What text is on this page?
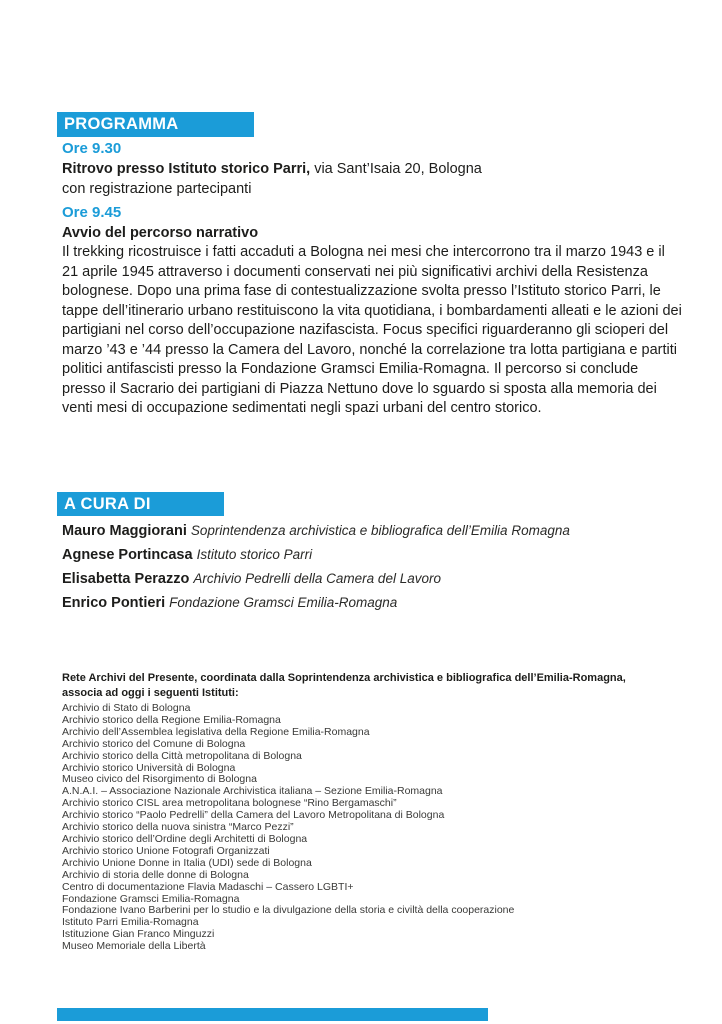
PROGRAMMA
Ore 9.30
Ritrovo presso Istituto storico Parri, via Sant’Isaia 20, Bologna
con registrazione partecipanti
Ore 9.45
Avvio del percorso narrativo

Il trekking ricostruisce i fatti accaduti a Bologna nei mesi che intercorrono tra il marzo 1943 e il 21 aprile 1945 attraverso i documenti conservati nei più significativi archivi della Resistenza bolognese. Dopo una prima fase di contestualizzazione svolta presso l’Istituto storico Parri, le tappe dell’itinerario urbano restituiscono la vita quotidiana, i bombardamenti alleati e le azioni dei partigiani nel corso dell’occupazione nazifascista. Focus specifici riguarderanno gli scioperi del marzo ’43 e ’44 presso la Camera del Lavoro, nonché la correlazione tra lotta partigiana e partiti politici antifascisti presso la Fondazione Gramsci Emilia-Romagna. Il percorso si conclude presso il Sacrario dei partigiani di Piazza Nettuno dove lo sguardo si sposta alla memoria dei venti mesi di occupazione sedimentati negli spazi urbani del centro storico.

A CURA DI
Mauro Maggiorani Soprintendenza archivistica e bibliografica dell’Emilia Romagna
Agnese Portincasa Istituto storico Parri
Elisabetta Perazzo Archivio Pedrelli della Camera del Lavoro
Enrico Pontieri Fondazione Gramsci Emilia-Romagna
Rete Archivi del Presente, coordinata dalla Soprintendenza archivistica e bibliografica dell’Emilia-Romagna,
associa ad oggi i seguenti Istituti:
Archivio di Stato di Bologna
Archivio storico della Regione Emilia-Romagna
Archivio dell’Assemblea legislativa della Regione Emilia-Romagna
Archivio storico del Comune di Bologna
Archivio storico della Città metropolitana di Bologna
Archivio storico Università di Bologna
Museo civico del Risorgimento di Bologna
A.N.A.I. – Associazione Nazionale Archivistica italiana – Sezione Emilia-Romagna
Archivio storico CISL area metropolitana bolognese “Rino Bergamaschi”
Archivio storico “Paolo Pedrelli” della Camera del Lavoro Metropolitana di Bologna
Archivio storico della nuova sinistra “Marco Pezzi”
Archivio storico dell’Ordine degli Architetti di Bologna
Archivio storico Unione Fotografi Organizzati
Archivio Unione Donne in Italia (UDI) sede di Bologna
Archivio di storia delle donne di Bologna
Centro di documentazione Flavia Madaschi – Cassero LGBTI+
Fondazione Gramsci Emilia-Romagna
Fondazione Ivano Barberini per lo studio e la divulgazione della storia e civiltà della cooperazione
Istituto Parri Emilia-Romagna
Istituzione Gian Franco Minguzzi
Museo Memoriale della Libertà
